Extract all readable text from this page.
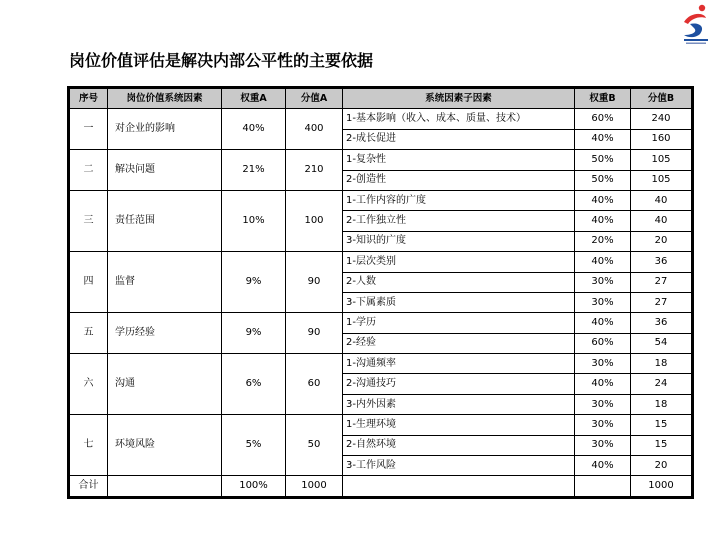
岗位价值评估是解决内部公平性的主要依据
序号	岗位价值系统因素	权重A	分值A	系统因素子因素	权重B	分值B
一	对企业的影响	40%	400	1-基本影响（收入、成本、质量、技术）	60%	240
				2-成长促进	40%	160
二	解决问题	21%	210	1-复杂性	50%	105
				2-创造性	50%	105
三	责任范围	10%	100	1-工作内容的广度	40%	40
				2-工作独立性	40%	40
				3-知识的广度	20%	20
四	监督	9%	90	1-层次类别	40%	36
				2-人数	30%	27
				3-下属素质	30%	27
五	学历经验	9%	90	1-学历	40%	36
				2-经验	60%	54
六	沟通	6%	60	1-沟通频率	30%	18
				2-沟通技巧	40%	24
				3-内外因素	30%	18
七	环境风险	5%	50	1-生理环境	30%	15
				2-自然环境	30%	15
				3-工作风险	40%	20
合计		100%	1000			1000
